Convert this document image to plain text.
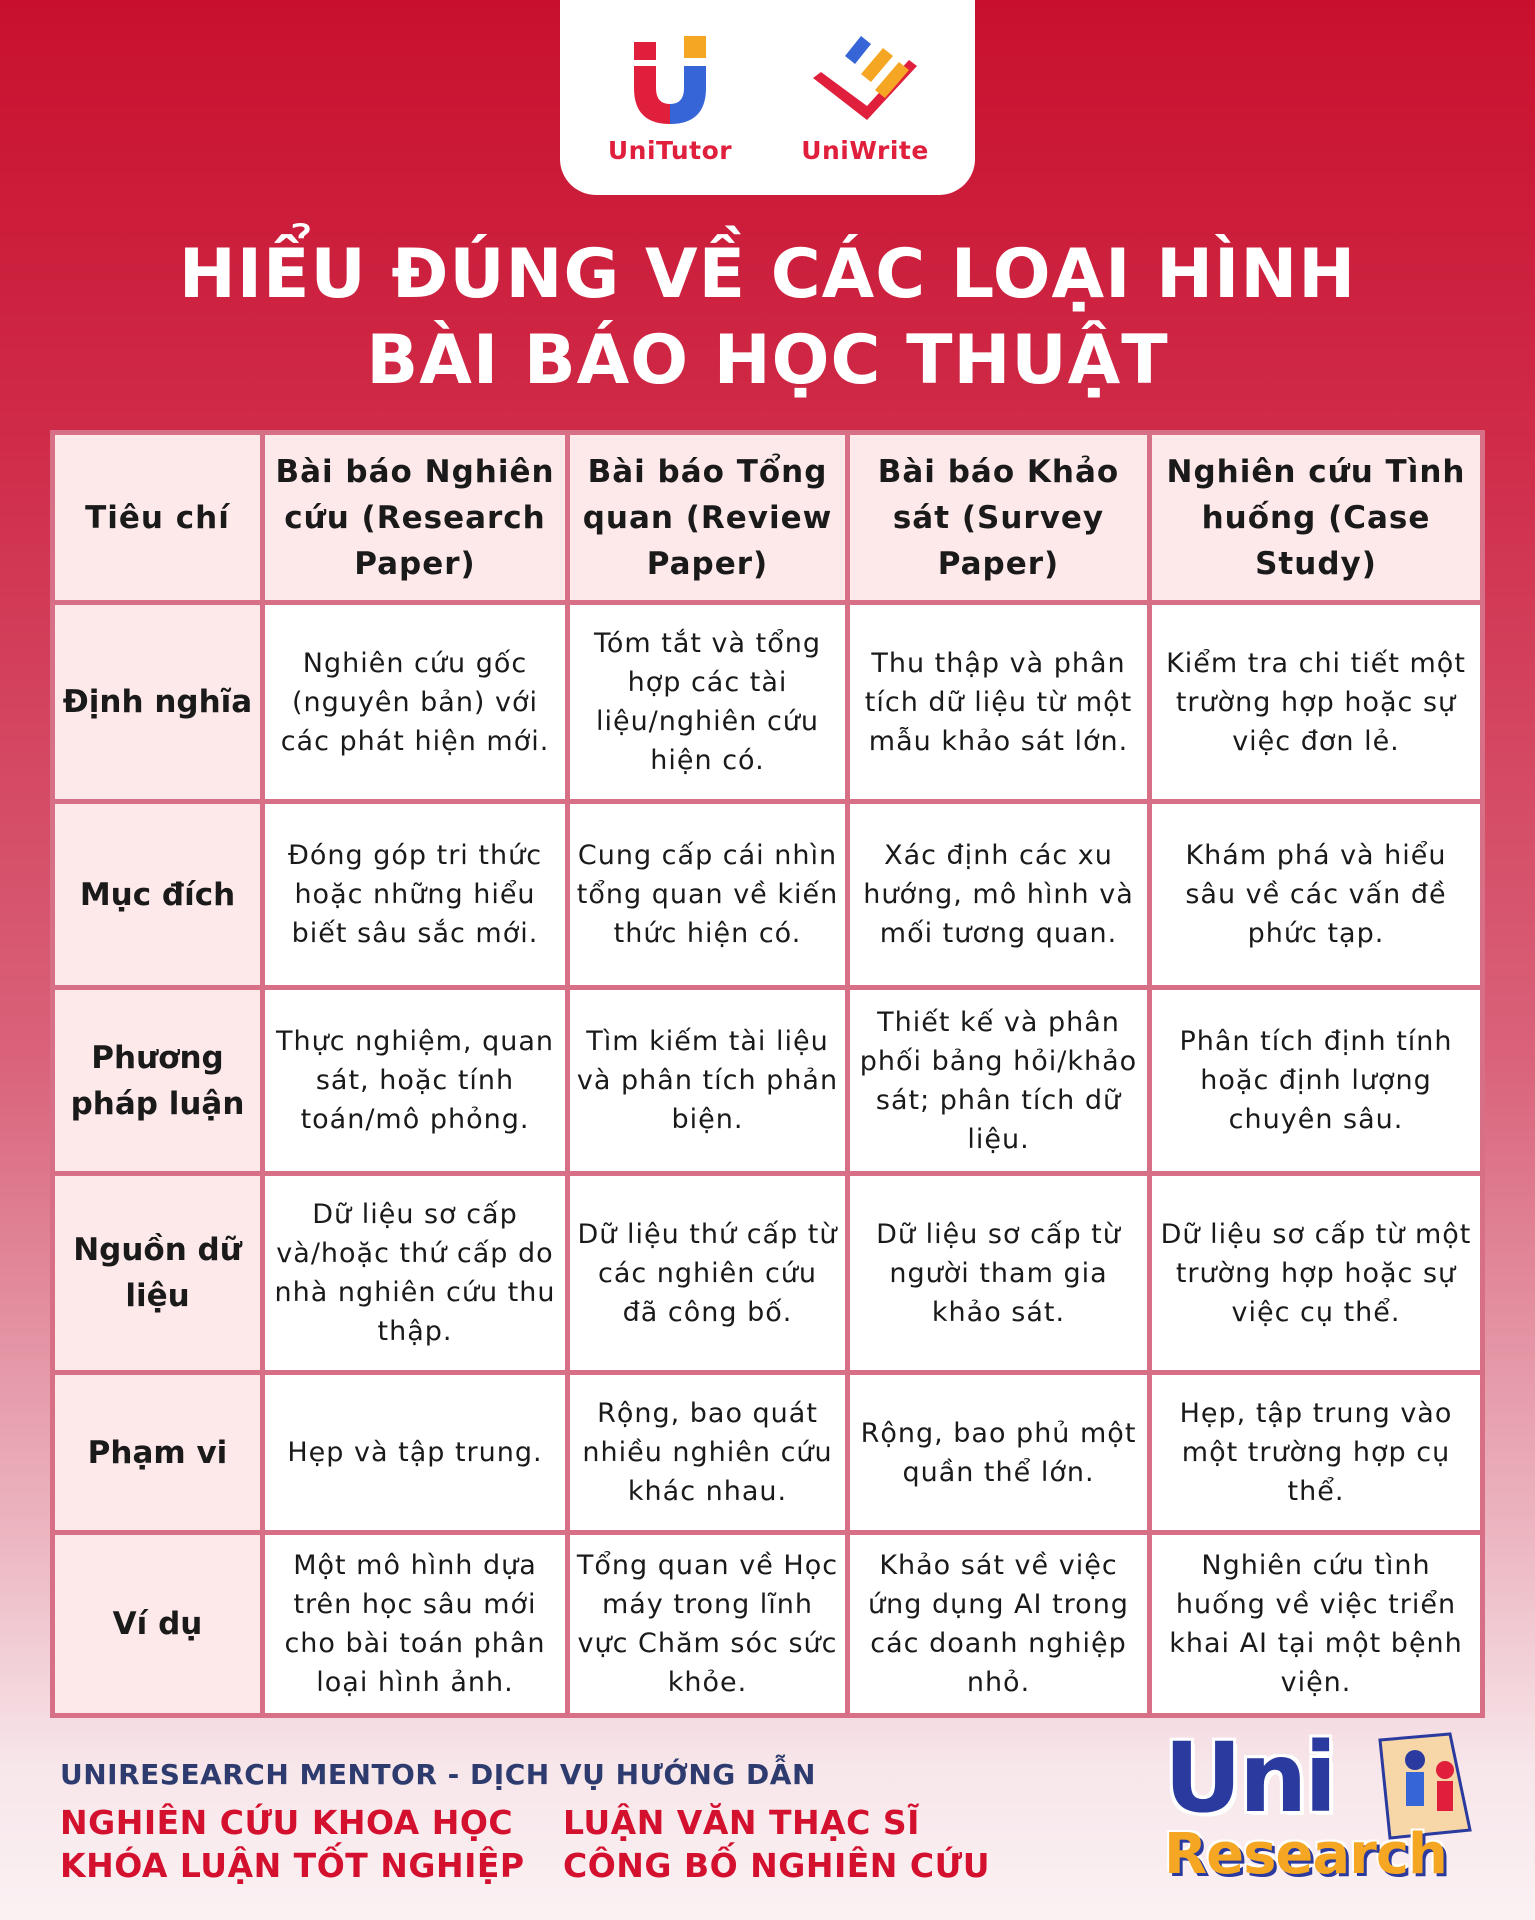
UniTutor	UniWrite
HIỂU ĐÚNG VỀ CÁC LOẠI HÌNH
BÀI BÁO HỌC THUẬT
Tiêu chí	Bài báo Nghiên cứu (Research Paper)	Bài báo Tổng quan (Review Paper)	Bài báo Khảo sát (Survey Paper)	Nghiên cứu Tình huống (Case Study)
Định nghĩa	Nghiên cứu gốc (nguyên bản) với các phát hiện mới.	Tóm tắt và tổng hợp các tài liệu/nghiên cứu hiện có.	Thu thập và phân tích dữ liệu từ một mẫu khảo sát lớn.	Kiểm tra chi tiết một trường hợp hoặc sự việc đơn lẻ.
Mục đích	Đóng góp tri thức hoặc những hiểu biết sâu sắc mới.	Cung cấp cái nhìn tổng quan về kiến thức hiện có.	Xác định các xu hướng, mô hình và mối tương quan.	Khám phá và hiểu sâu về các vấn đề phức tạp.
Phương pháp luận	Thực nghiệm, quan sát, hoặc tính toán/mô phỏng.	Tìm kiếm tài liệu và phân tích phản biện.	Thiết kế và phân phối bảng hỏi/khảo sát; phân tích dữ liệu.	Phân tích định tính hoặc định lượng chuyên sâu.
Nguồn dữ liệu	Dữ liệu sơ cấp và/hoặc thứ cấp do nhà nghiên cứu thu thập.	Dữ liệu thứ cấp từ các nghiên cứu đã công bố.	Dữ liệu sơ cấp từ người tham gia khảo sát.	Dữ liệu sơ cấp từ một trường hợp hoặc sự việc cụ thể.
Phạm vi	Hẹp và tập trung.	Rộng, bao quát nhiều nghiên cứu khác nhau.	Rộng, bao phủ một quần thể lớn.	Hẹp, tập trung vào một trường hợp cụ thể.
Ví dụ	Một mô hình dựa trên học sâu mới cho bài toán phân loại hình ảnh.	Tổng quan về Học máy trong lĩnh vực Chăm sóc sức khỏe.	Khảo sát về việc ứng dụng AI trong các doanh nghiệp nhỏ.	Nghiên cứu tình huống về việc triển khai AI tại một bệnh viện.
UNIRESEARCH MENTOR - DỊCH VỤ HƯỚNG DẪN
NGHIÊN CỨU KHOA HỌC LUẬN VĂN THẠC SĨ
KHÓA LUẬN TỐT NGHIỆP CÔNG BỐ NGHIÊN CỨU
Uni
Research
